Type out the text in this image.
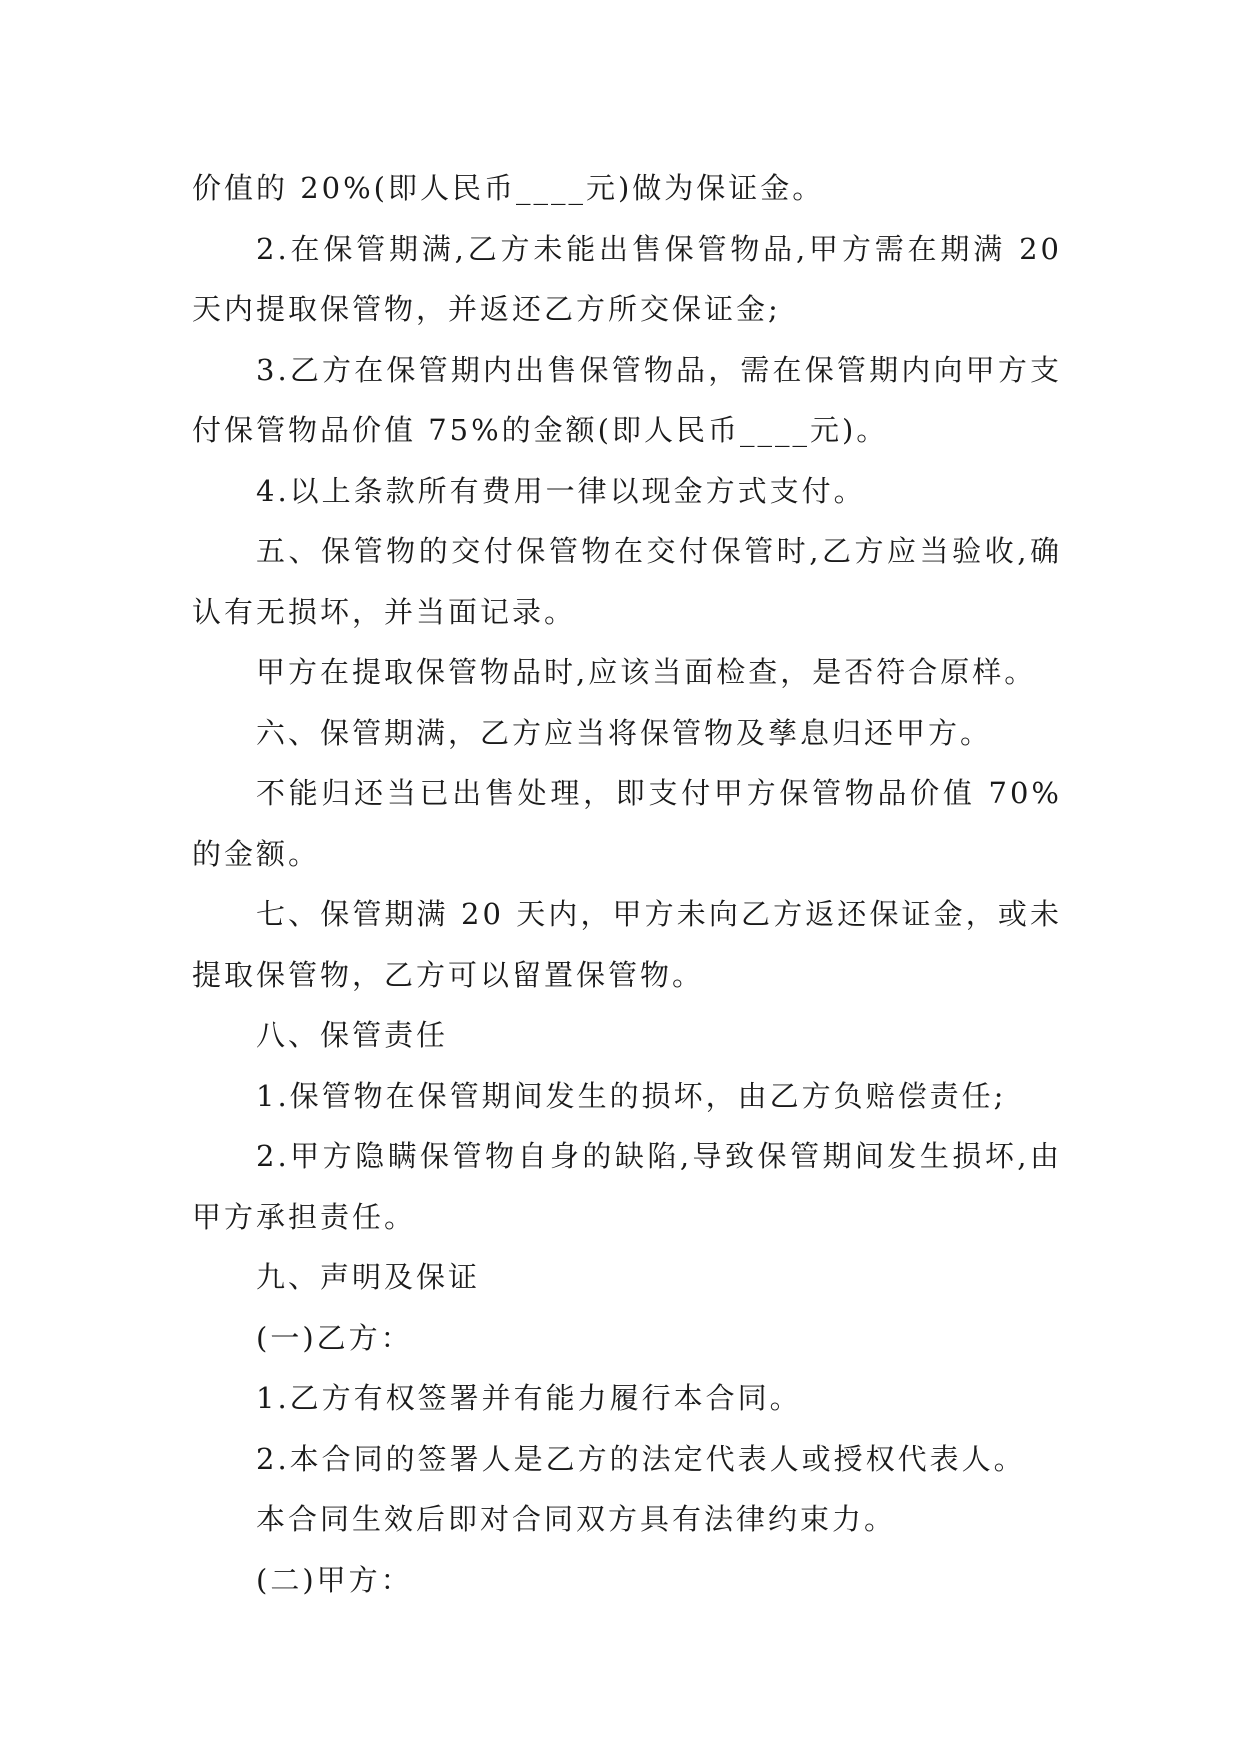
价值的 20%(即人民币____元)做为保证金。

2.在保管期满,乙方未能出售保管物品,甲方需在期满 20 天内提取保管物，并返还乙方所交保证金;

3.乙方在保管期内出售保管物品，需在保管期内向甲方支付保管物品价值 75%的金额(即人民币____元)。

4.以上条款所有费用一律以现金方式支付。

五、保管物的交付保管物在交付保管时,乙方应当验收,确认有无损坏，并当面记录。

甲方在提取保管物品时,应该当面检查，是否符合原样。

六、保管期满，乙方应当将保管物及孳息归还甲方。

不能归还当已出售处理，即支付甲方保管物品价值 70%的金额。

七、保管期满 20 天内，甲方未向乙方返还保证金，或未提取保管物，乙方可以留置保管物。

八、保管责任

1.保管物在保管期间发生的损坏，由乙方负赔偿责任;

2.甲方隐瞒保管物自身的缺陷,导致保管期间发生损坏,由甲方承担责任。

九、声明及保证

(一)乙方：

1.乙方有权签署并有能力履行本合同。

2.本合同的签署人是乙方的法定代表人或授权代表人。

本合同生效后即对合同双方具有法律约束力。

(二)甲方：
